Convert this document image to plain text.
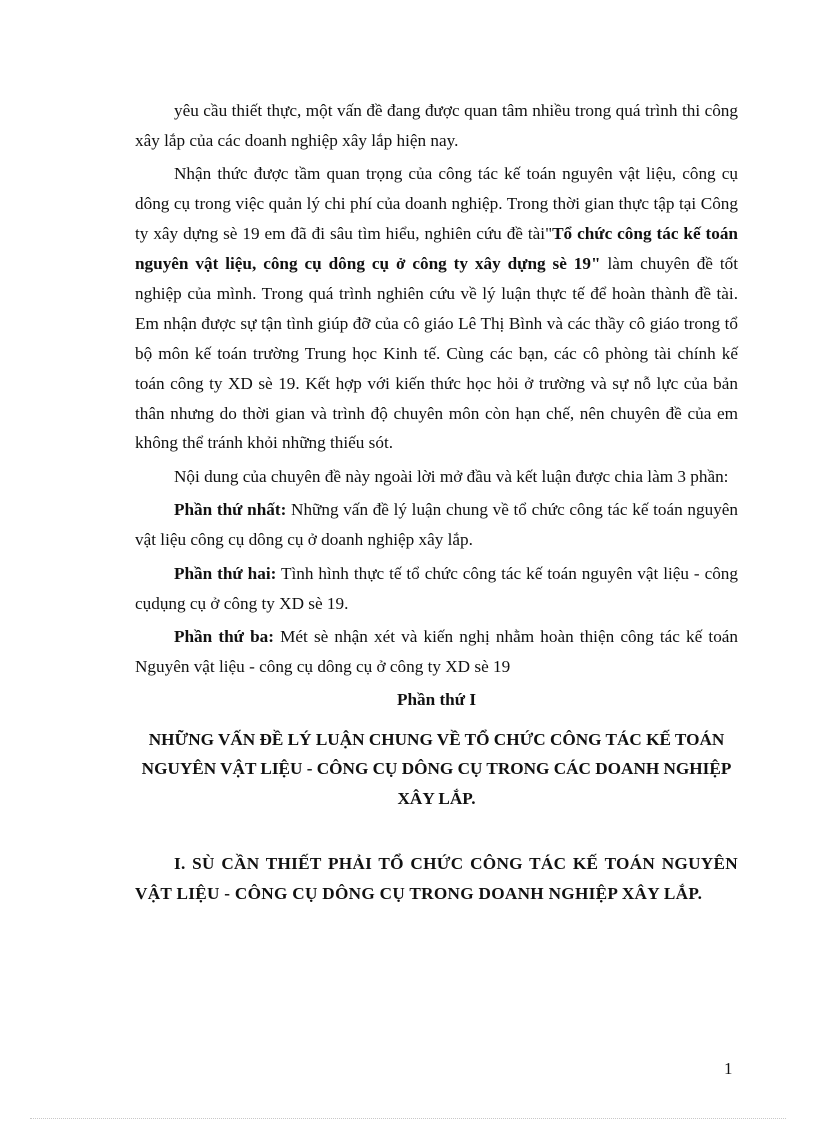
yêu cầu thiết thực, một vấn đề đang được quan tâm nhiều trong quá trình thi công xây lắp của các doanh nghiệp xây lắp hiện nay.

Nhận thức được tầm quan trọng của công tác kế toán nguyên vật liệu, công cụ dông cụ trong việc quản lý chi phí của doanh nghiệp. Trong thời gian thực tập tại Công ty xây dựng sè 19 em đã đi sâu tìm hiểu, nghiên cứu đề tài"Tổ chức công tác kế toán nguyên vật liệu, công cụ dông cụ ở công ty xây dựng sè 19" làm chuyên đề tốt nghiệp của mình. Trong quá trình nghiên cứu về lý luận thực tế để hoàn thành đề tài. Em nhận được sự tận tình giúp đỡ của cô giáo Lê Thị Bình và các thầy cô giáo trong tổ bộ môn kế toán trường Trung học Kinh tế. Cùng các bạn, các cô phòng tài chính kế toán công ty XD sè 19. Kết hợp với kiến thức học hỏi ở trường và sự nỗ lực của bản thân nhưng do thời gian và trình độ chuyên môn còn hạn chế, nên chuyên đề của em không thể tránh khỏi những thiếu sót.

Nội dung của chuyên đề này ngoài lời mở đầu và kết luận được chia làm 3 phần:

Phần thứ nhất: Những vấn đề lý luận chung về tổ chức công tác kế toán nguyên vật liệu công cụ dông cụ ở doanh nghiệp xây lắp.

Phần thứ hai: Tình hình thực tế tổ chức công tác kế toán nguyên vật liệu - công cụdụng cụ ở công ty XD sè 19.

Phần thứ ba: Mét sè nhận xét và kiến nghị nhằm hoàn thiện công tác kế toán Nguyên vật liệu - công cụ dông cụ ở công ty XD sè 19

Phần thứ I

NHỮNG VẤN ĐỀ LÝ LUẬN CHUNG VỀ TỔ CHỨC CÔNG TÁC KẾ TOÁN NGUYÊN VẬT LIỆU - CÔNG CỤ DÔNG CỤ TRONG CÁC DOANH NGHIỆP XÂY LẮP.

I. SÙ CẦN THIẾT PHẢI TỔ CHỨC CÔNG TÁC KẾ TOÁN NGUYÊN VẬT LIỆU - CÔNG CỤ DÔNG CỤ TRONG DOANH NGHIỆP XÂY LẮP.

1
